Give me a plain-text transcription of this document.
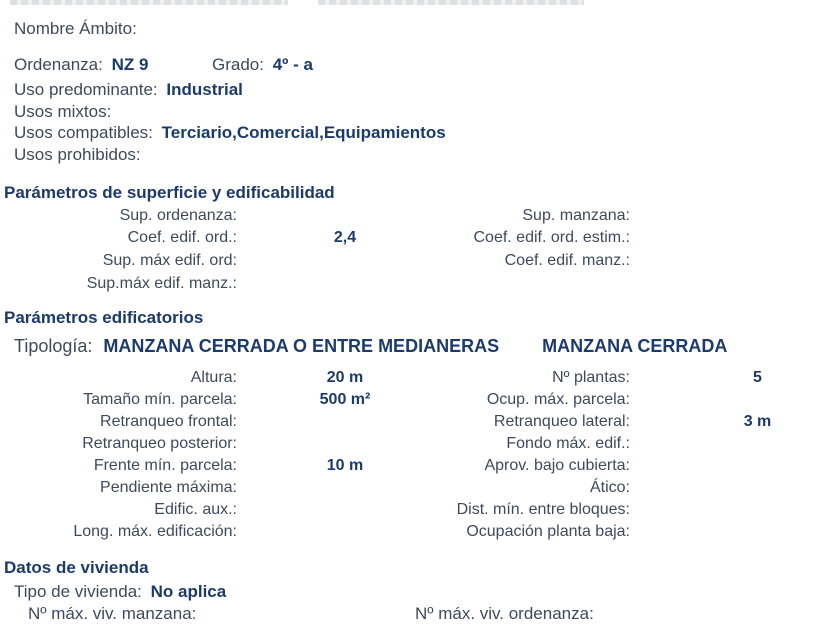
Nombre Ámbito:
Ordenanza: NZ 9	Grado: 4º - a
Uso predominante: Industrial
Usos mixtos:
Usos compatibles: Terciario,Comercial,Equipamientos
Usos prohibidos:
Parámetros de superficie y edificabilidad
Sup. ordenanza:	Sup. manzana:
Coef. edif. ord.:	2,4	Coef. edif. ord. estim.:
Sup. máx edif. ord:	Coef. edif. manz.:
Sup.máx edif. manz.:
Parámetros edificatorios
Tipología: MANZANA CERRADA O ENTRE MEDIANERAS MANZANA CERRADA
Altura:	20 m	Nº plantas:	5
Tamaño mín. parcela:	500 m²	Ocup. máx. parcela:
Retranqueo frontal:	Retranqueo lateral:	3 m
Retranqueo posterior:	Fondo máx. edif.:
Frente mín. parcela:	10 m	Aprov. bajo cubierta:
Pendiente máxima:	Ático:
Edific. aux.:	Dist. mín. entre bloques:
Long. máx. edificación:	Ocupación planta baja:
Datos de vivienda
Tipo de vivienda: No aplica
Nº máx. viv. manzana:	Nº máx. viv. ordenanza:
